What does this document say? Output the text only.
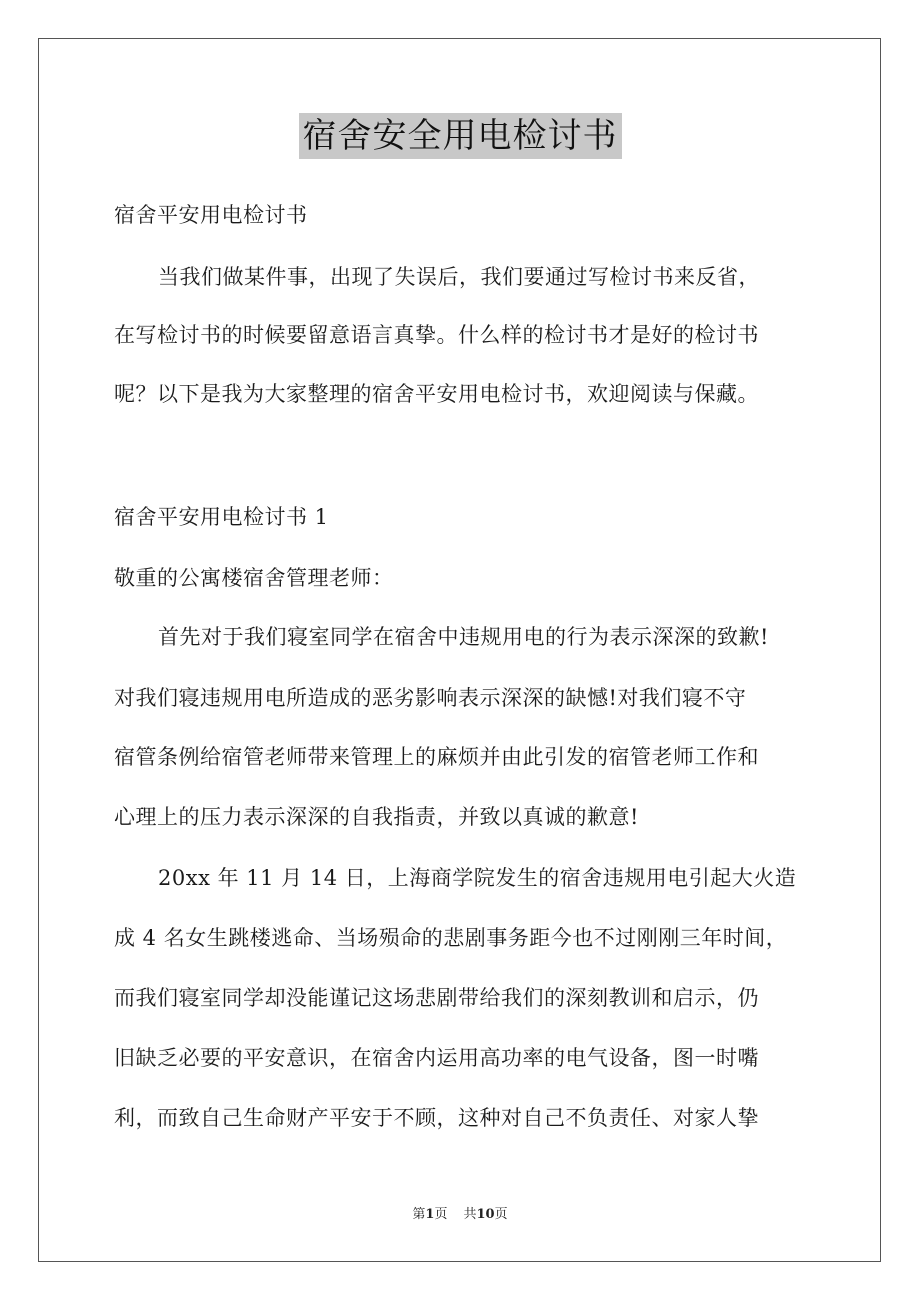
宿舍安全用电检讨书
宿舍平安用电检讨书
当我们做某件事，出现了失误后，我们要通过写检讨书来反省，
在写检讨书的时候要留意语言真挚。什么样的检讨书才是好的检讨书
呢？以下是我为大家整理的宿舍平安用电检讨书，欢迎阅读与保藏。
宿舍平安用电检讨书 1
敬重的公寓楼宿舍管理老师：
首先对于我们寝室同学在宿舍中违规用电的行为表示深深的致歉!
对我们寝违规用电所造成的恶劣影响表示深深的缺憾!对我们寝不守
宿管条例给宿管老师带来管理上的麻烦并由此引发的宿管老师工作和
心理上的压力表示深深的自我指责，并致以真诚的歉意!
20xx 年 11 月 14 日，上海商学院发生的宿舍违规用电引起大火造
成 4 名女生跳楼逃命、当场殒命的悲剧事务距今也不过刚刚三年时间，
而我们寝室同学却没能谨记这场悲剧带给我们的深刻教训和启示，仍
旧缺乏必要的平安意识，在宿舍内运用高功率的电气设备，图一时嘴
利，而致自己生命财产平安于不顾，这种对自己不负责任、对家人挚
第1页 共10页
